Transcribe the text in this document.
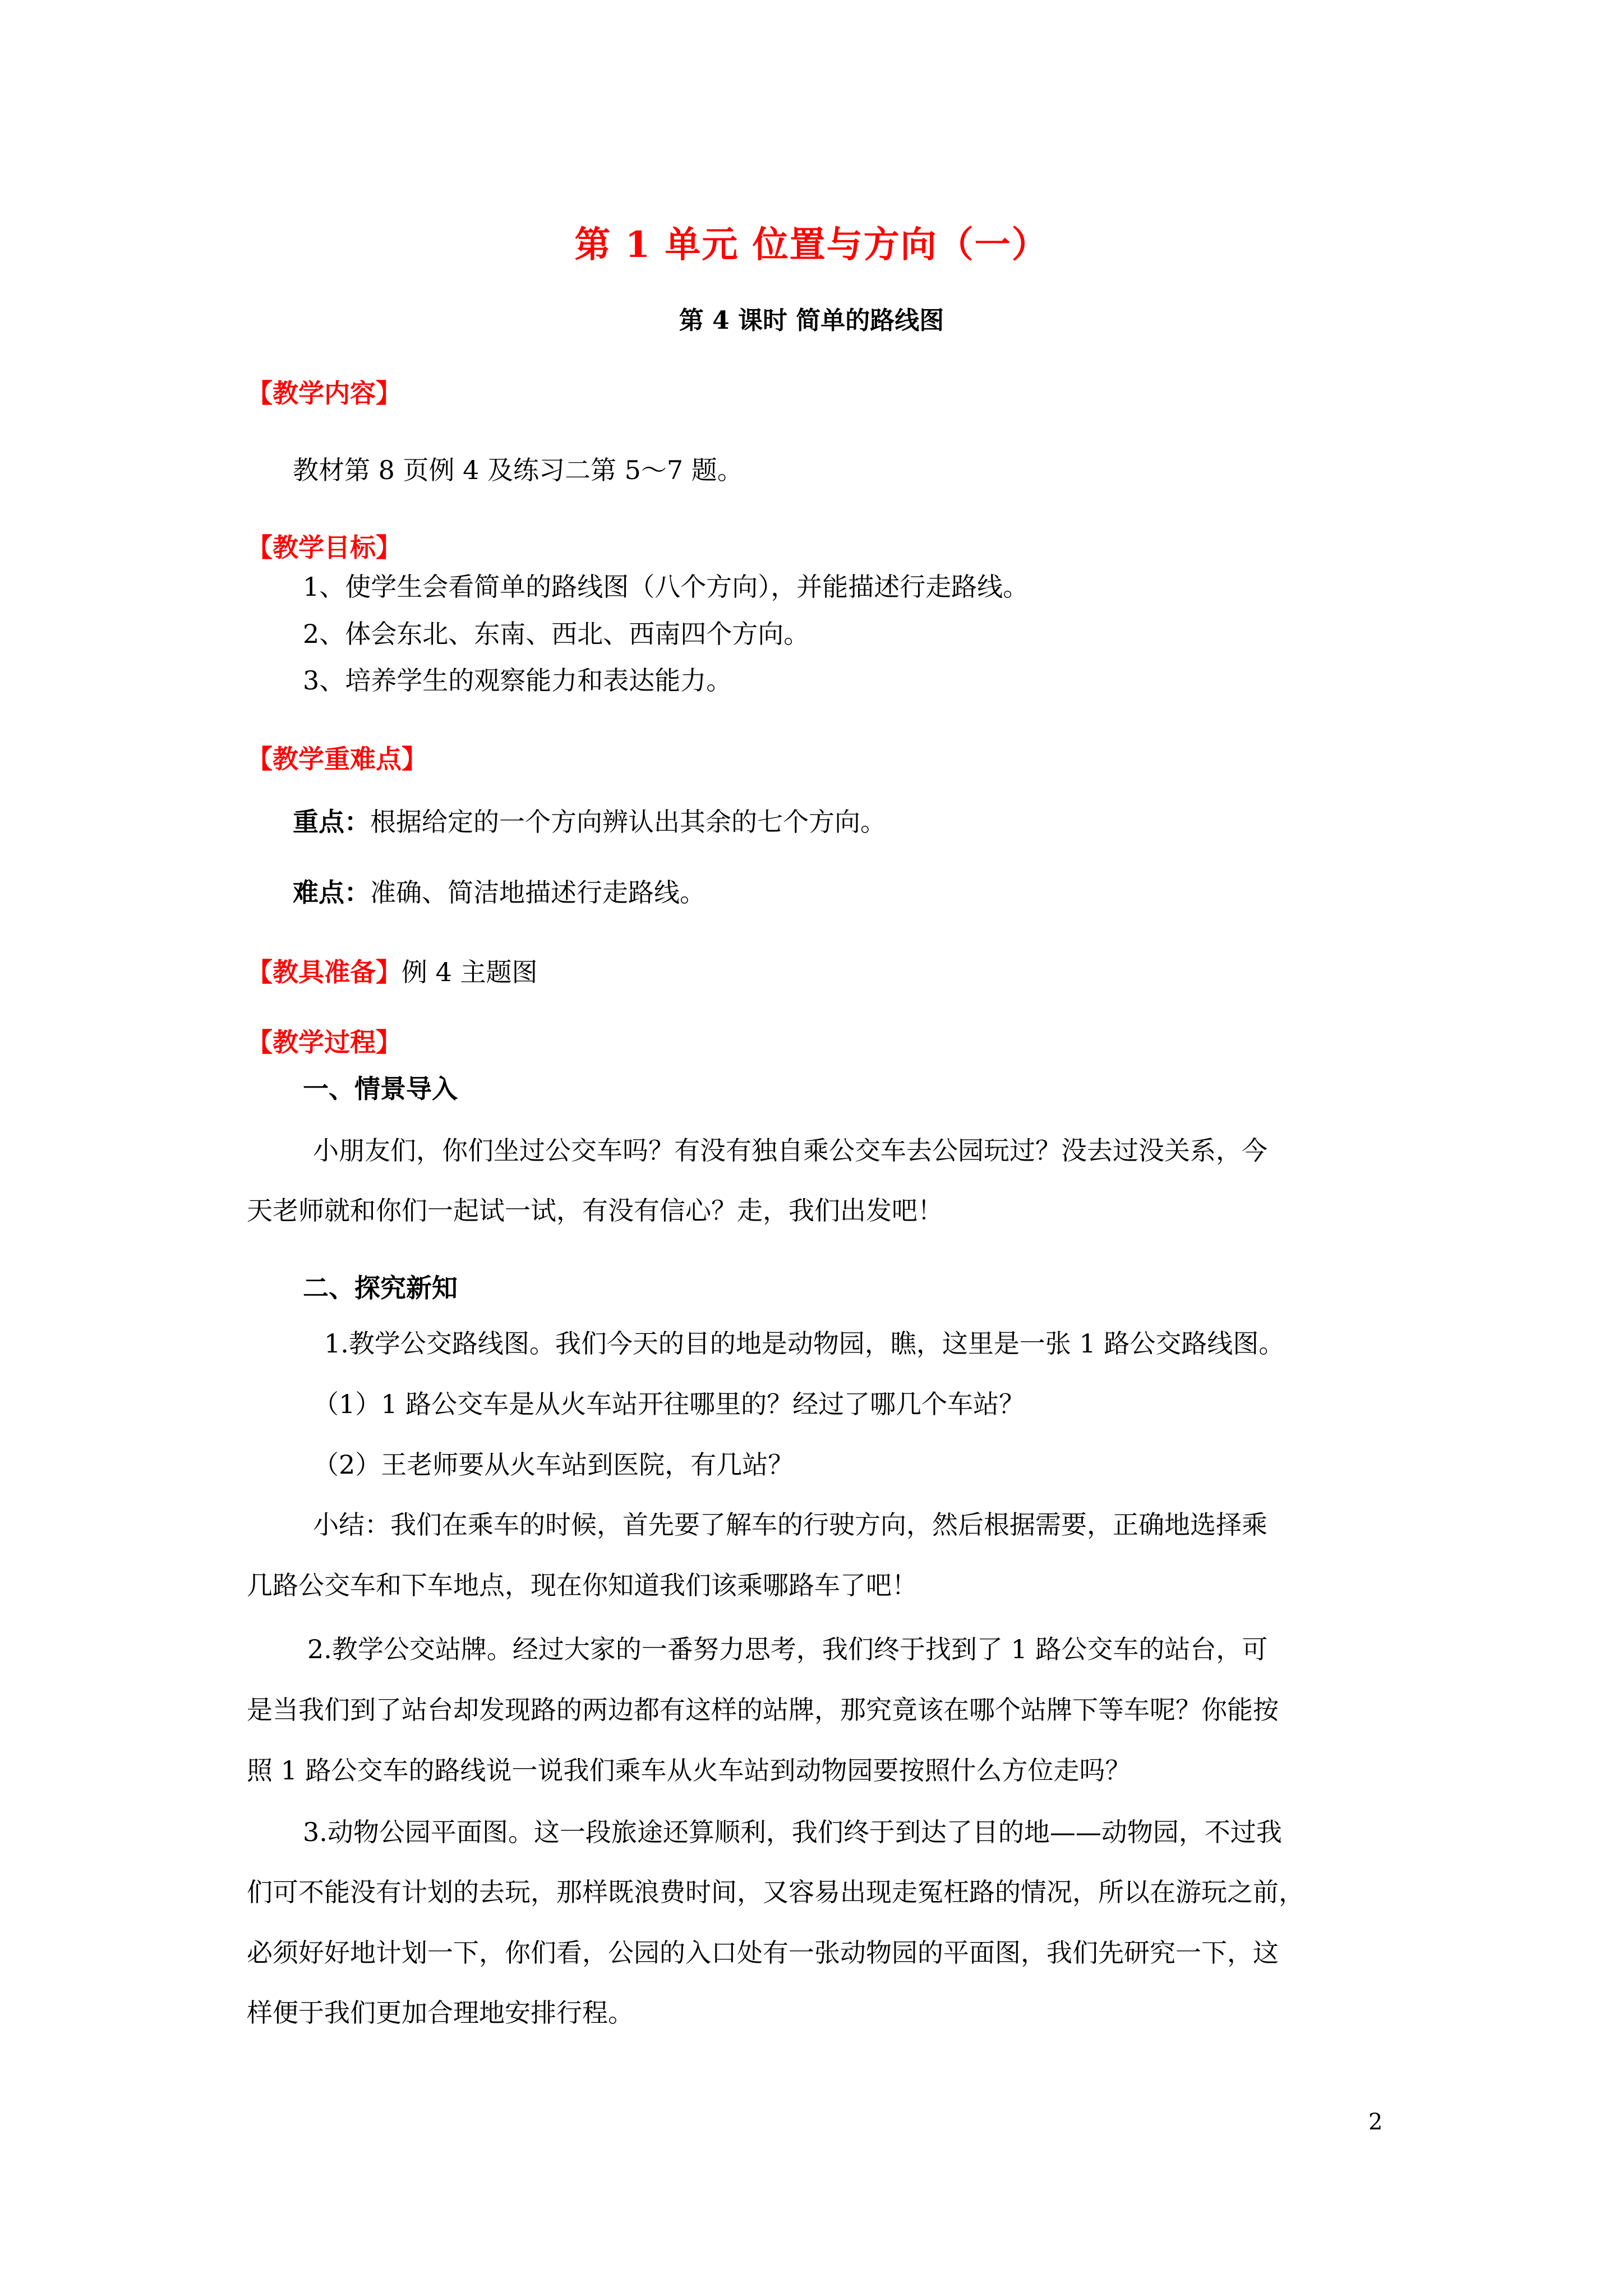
第 1 单元 位置与方向（一）
第 4 课时 简单的路线图
【教学内容】
教材第 8 页例 4 及练习二第 5～7 题。
【教学目标】
1、使学生会看简单的路线图（八个方向），并能描述行走路线。
2、体会东北、东南、西北、西南四个方向。
3、培养学生的观察能力和表达能力。
【教学重难点】
重点：根据给定的一个方向辨认出其余的七个方向。
难点：准确、简洁地描述行走路线。
【教具准备】例 4 主题图
【教学过程】
一、情景导入
小朋友们，你们坐过公交车吗？有没有独自乘公交车去公园玩过？没去过没关系，今
天老师就和你们一起试一试，有没有信心？走，我们出发吧！
二、探究新知
1.教学公交路线图。我们今天的目的地是动物园，瞧，这里是一张 1 路公交路线图。
（1）1 路公交车是从火车站开往哪里的？经过了哪几个车站？
（2）王老师要从火车站到医院，有几站？
小结：我们在乘车的时候，首先要了解车的行驶方向，然后根据需要，正确地选择乘
几路公交车和下车地点，现在你知道我们该乘哪路车了吧！
2.教学公交站牌。经过大家的一番努力思考，我们终于找到了 1 路公交车的站台，可
是当我们到了站台却发现路的两边都有这样的站牌，那究竟该在哪个站牌下等车呢？你能按
照 1 路公交车的路线说一说我们乘车从火车站到动物园要按照什么方位走吗？
3.动物公园平面图。这一段旅途还算顺利，我们终于到达了目的地——动物园，不过我
们可不能没有计划的去玩，那样既浪费时间，又容易出现走冤枉路的情况，所以在游玩之前，
必须好好地计划一下，你们看，公园的入口处有一张动物园的平面图，我们先研究一下，这
样便于我们更加合理地安排行程。
2
